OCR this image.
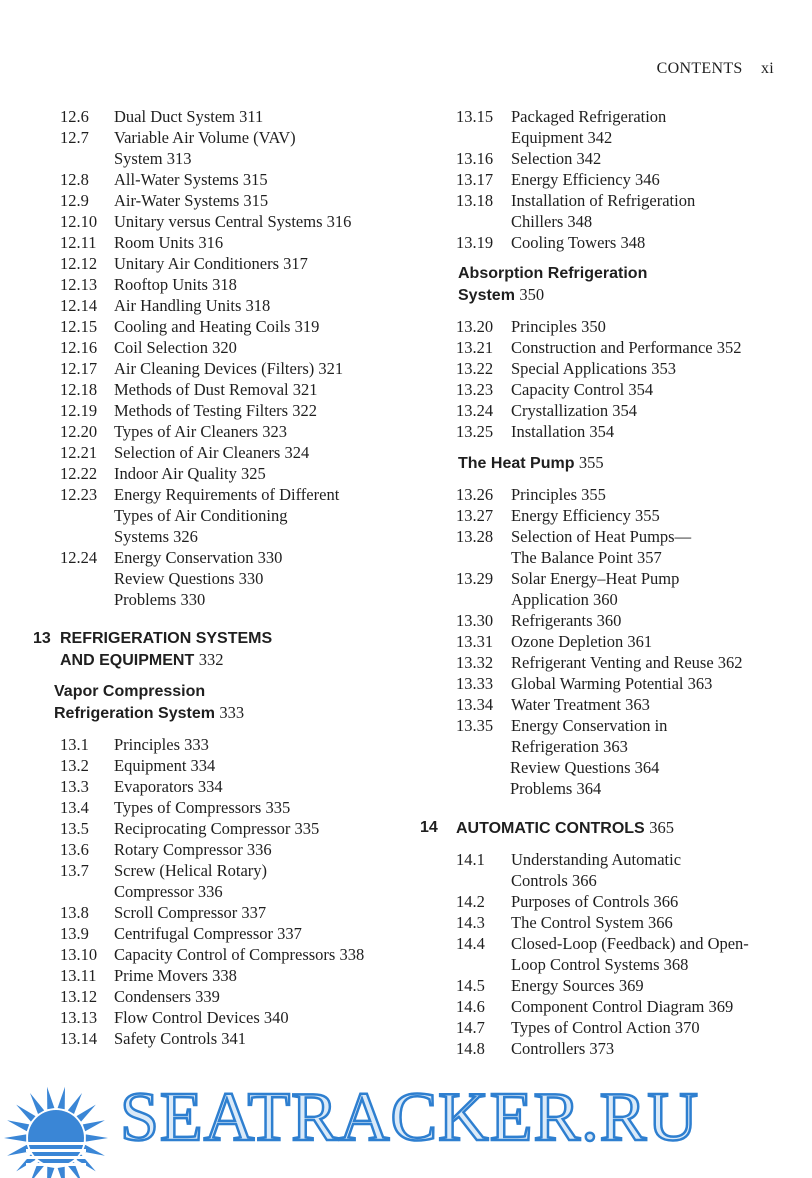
CONTENTS xi
12.6	Dual Duct System 311
12.7	Variable Air Volume (VAV)
System 313
12.8	All-Water Systems 315
12.9	Air-Water Systems 315
12.10	Unitary versus Central Systems 316
12.11	Room Units 316
12.12	Unitary Air Conditioners 317
12.13	Rooftop Units 318
12.14	Air Handling Units 318
12.15	Cooling and Heating Coils 319
12.16	Coil Selection 320
12.17	Air Cleaning Devices (Filters) 321
12.18	Methods of Dust Removal 321
12.19	Methods of Testing Filters 322
12.20	Types of Air Cleaners 323
12.21	Selection of Air Cleaners 324
12.22	Indoor Air Quality 325
12.23	Energy Requirements of Different
Types of Air Conditioning
Systems 326
12.24	Energy Conservation 330
Review Questions 330
Problems 330
13 REFRIGERATION SYSTEMS
AND EQUIPMENT 332
Vapor Compression
Refrigeration System 333
13.1	Principles 333
13.2	Equipment 334
13.3	Evaporators 334
13.4	Types of Compressors 335
13.5	Reciprocating Compressor 335
13.6	Rotary Compressor 336
13.7	Screw (Helical Rotary)
Compressor 336
13.8	Scroll Compressor 337
13.9	Centrifugal Compressor 337
13.10	Capacity Control of Compressors 338
13.11	Prime Movers 338
13.12	Condensers 339
13.13	Flow Control Devices 340
13.14	Safety Controls 341
13.15	Packaged Refrigeration
Equipment 342
13.16	Selection 342
13.17	Energy Efficiency 346
13.18	Installation of Refrigeration
Chillers 348
13.19	Cooling Towers 348
Absorption Refrigeration
System 350
13.20	Principles 350
13.21	Construction and Performance 352
13.22	Special Applications 353
13.23	Capacity Control 354
13.24	Crystallization 354
13.25	Installation 354
The Heat Pump 355
13.26	Principles 355
13.27	Energy Efficiency 355
13.28	Selection of Heat Pumps—
The Balance Point 357
13.29	Solar Energy–Heat Pump
Application 360
13.30	Refrigerants 360
13.31	Ozone Depletion 361
13.32	Refrigerant Venting and Reuse 362
13.33	Global Warming Potential 363
13.34	Water Treatment 363
13.35	Energy Conservation in
Refrigeration 363
Review Questions 364
Problems 364
14	AUTOMATIC CONTROLS 365
14.1	Understanding Automatic
Controls 366
14.2	Purposes of Controls 366
14.3	The Control System 366
14.4	Closed-Loop (Feedback) and Open-
Loop Control Systems 368
14.5	Energy Sources 369
14.6	Component Control Diagram 369
14.7	Types of Control Action 370
14.8	Controllers 373
SEATRACKER.RU
